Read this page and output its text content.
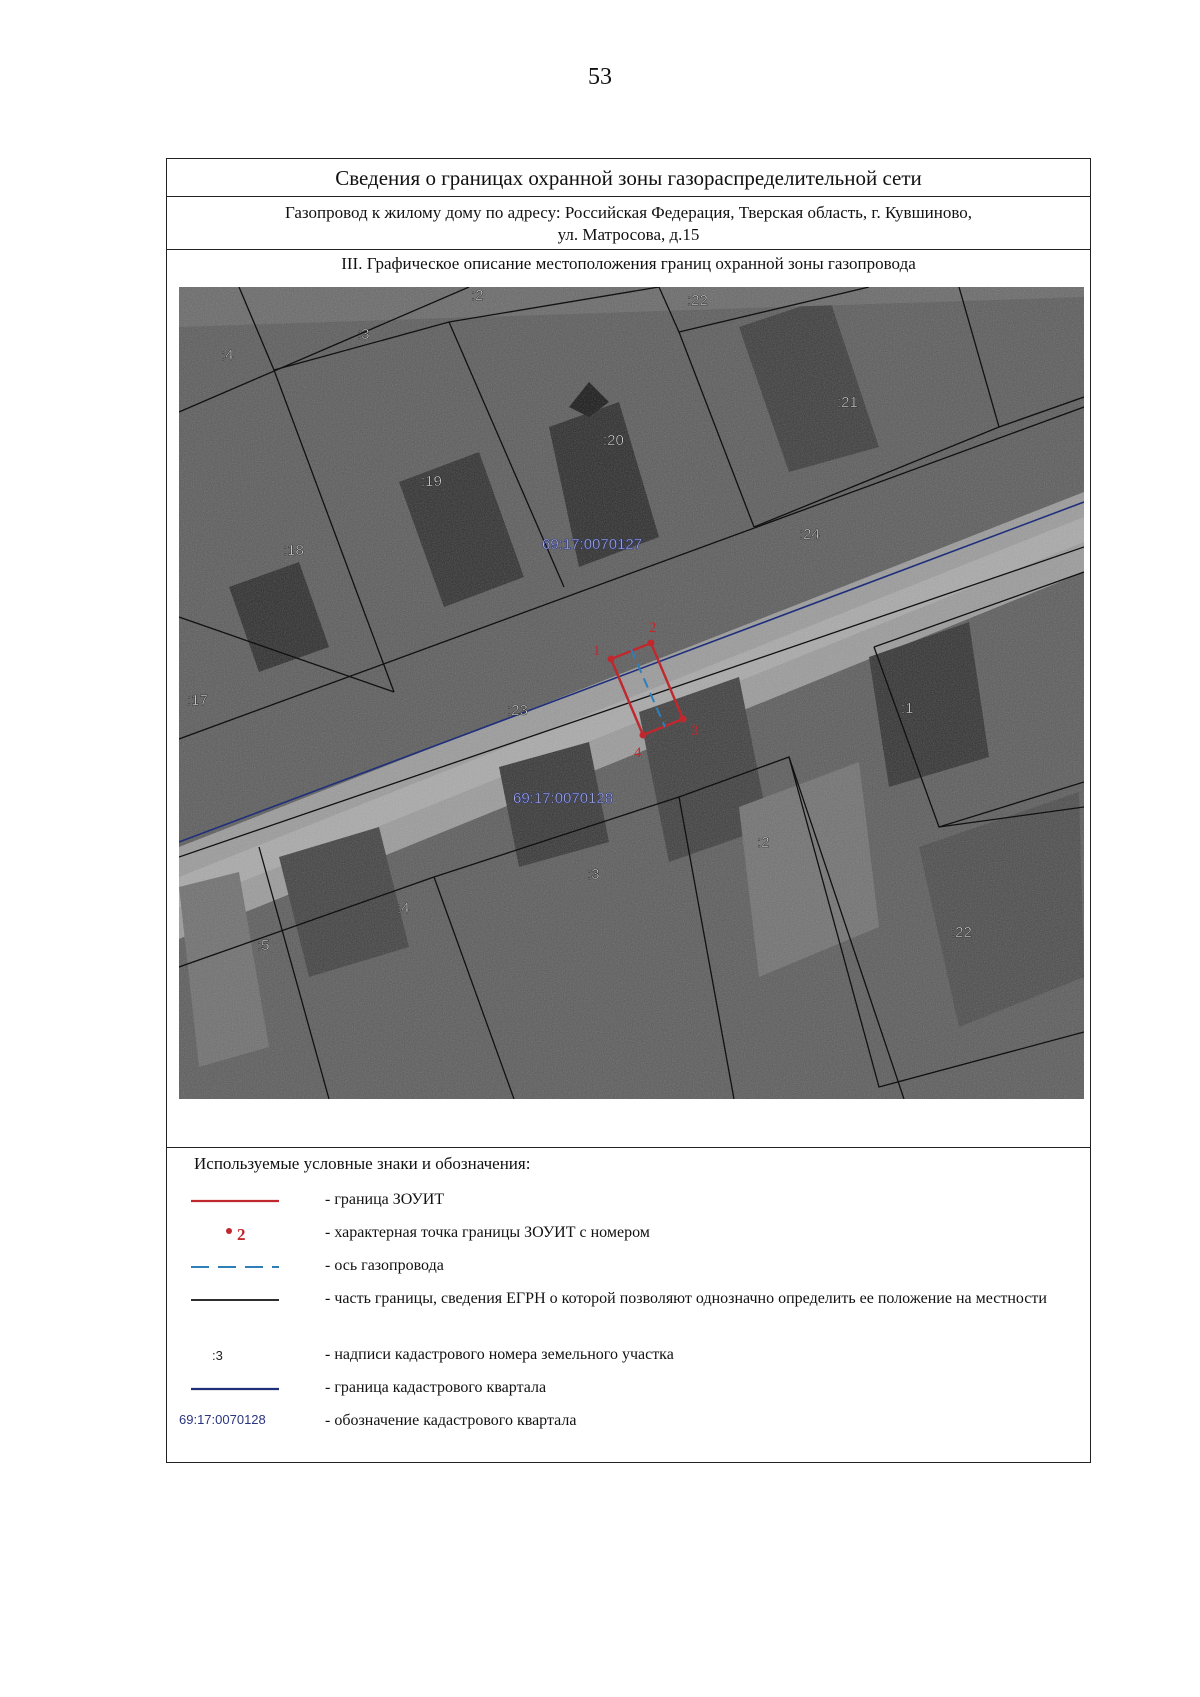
53
Сведения о границах охранной зоны газораспределительной сети
Газопровод к жилому дому по адресу: Российская Федерация, Тверская область, г. Кувшиново,
ул. Матросова, д.15
III. Графическое описание местоположения границ охранной зоны газопровода
1
2
3
4
69:17:0070127
69:17:0070128
:2	:22
:3
:4
:21
:20
:19
:18
:24
:17
:23	:1
:2
:3
:4
:5
:22
Используемые условные знаки и обозначения:
- граница ЗОУИТ
2	- характерная точка границы ЗОУИТ с номером
- ось газопровода
- часть границы, сведения ЕГРН о которой позволяют однозначно определить ее положение на местности
:3	- надписи кадастрового номера земельного участка
- граница кадастрового квартала
69:17:0070128	- обозначение кадастрового квартала
